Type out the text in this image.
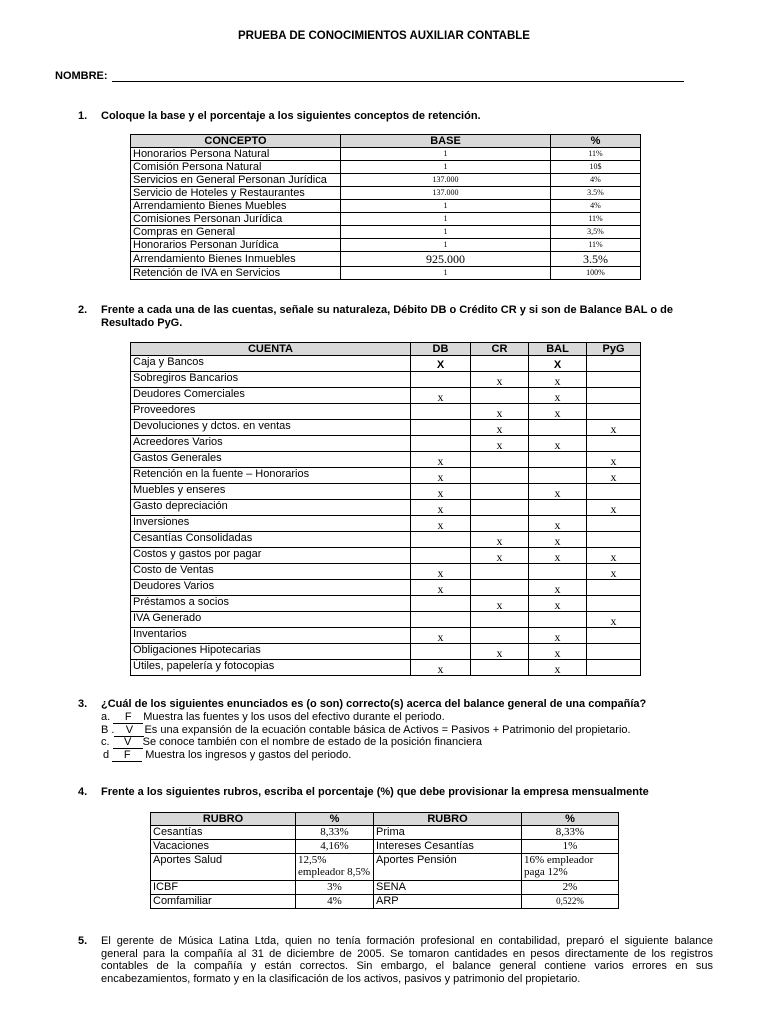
PRUEBA DE CONOCIMIENTOS AUXILIAR CONTABLE
NOMBRE:
1. Coloque la base y el porcentaje a los siguientes conceptos de retención.
CONCEPTO	BASE	%
Honorarios Persona Natural	1	11%
Comisión Persona Natural	1	10$
Servicios en General Personan Jurídica	137.000	4%
Servicio de Hoteles y Restaurantes	137.000	3.5%
Arrendamiento Bienes Muebles	1	4%
Comisiones Personan Jurídica	1	11%
Compras en General	1	3,5%
Honorarios Personan Jurídica	1	11%
Arrendamiento Bienes Inmuebles	925.000	3.5%
Retención de IVA en Servicios	1	100%
2. Frente a cada una de las cuentas, señale su naturaleza, Débito DB o Crédito CR y si son de Balance BAL o de
Resultado PyG.
CUENTA	DB	CR	BAL	PyG
Caja y Bancos	X		X	
Sobregiros Bancarios		x	x	
Deudores Comerciales	x		x	
Proveedores		x	x	
Devoluciones y dctos. en ventas		x		x
Acreedores Varios		x	x	
Gastos Generales	x			x
Retención en la fuente – Honorarios	x			x
Muebles y enseres	x		x	
Gasto depreciación	x			x
Inversiones	x		x	
Cesantías Consolidadas		x	x	
Costos y gastos por pagar		x	x	x
Costo de Ventas	x			x
Deudores Varios	x		x	
Préstamos a socios		x	x	
IVA Generado				x
Inventarios	x		x	
Obligaciones Hipotecarias		x	x	
Útiles, papelería y fotocopias	x		x	
3. ¿Cuál de los siguientes enunciados es (o son) correcto(s) acerca del balance general de una compañía?
a. F Muestra las fuentes y los usos del efectivo durante el periodo.
B . V Es una expansión de la ecuación contable básica de Activos = Pasivos + Patrimonio del propietario.
c. V Se conoce también con el nombre de estado de la posición financiera
d F Muestra los ingresos y gastos del periodo.
4. Frente a los siguientes rubros, escriba el porcentaje (%) que debe provisionar la empresa mensualmente
RUBRO	%	RUBRO	%
Cesantías	8,33%	Prima	8,33%
Vacaciones	4,16%	Intereses Cesantías	1%
Aportes Salud	12,5% empleador 8,5%	Aportes Pensión	16% empleador paga 12%
ICBF	3%	SENA	2%
Comfamiliar	4%	ARP	0,522%
5. El gerente de Música Latina Ltda, quien no tenía formación profesional en contabilidad, preparó el siguiente balance
general para la compañía al 31 de diciembre de 2005. Se tomaron cantidades en pesos directamente de los registros
contables de la compañía y están correctos. Sin embargo, el balance general contiene varios errores en sus
encabezamientos, formato y en la clasificación de los activos, pasivos y patrimonio del propietario.
